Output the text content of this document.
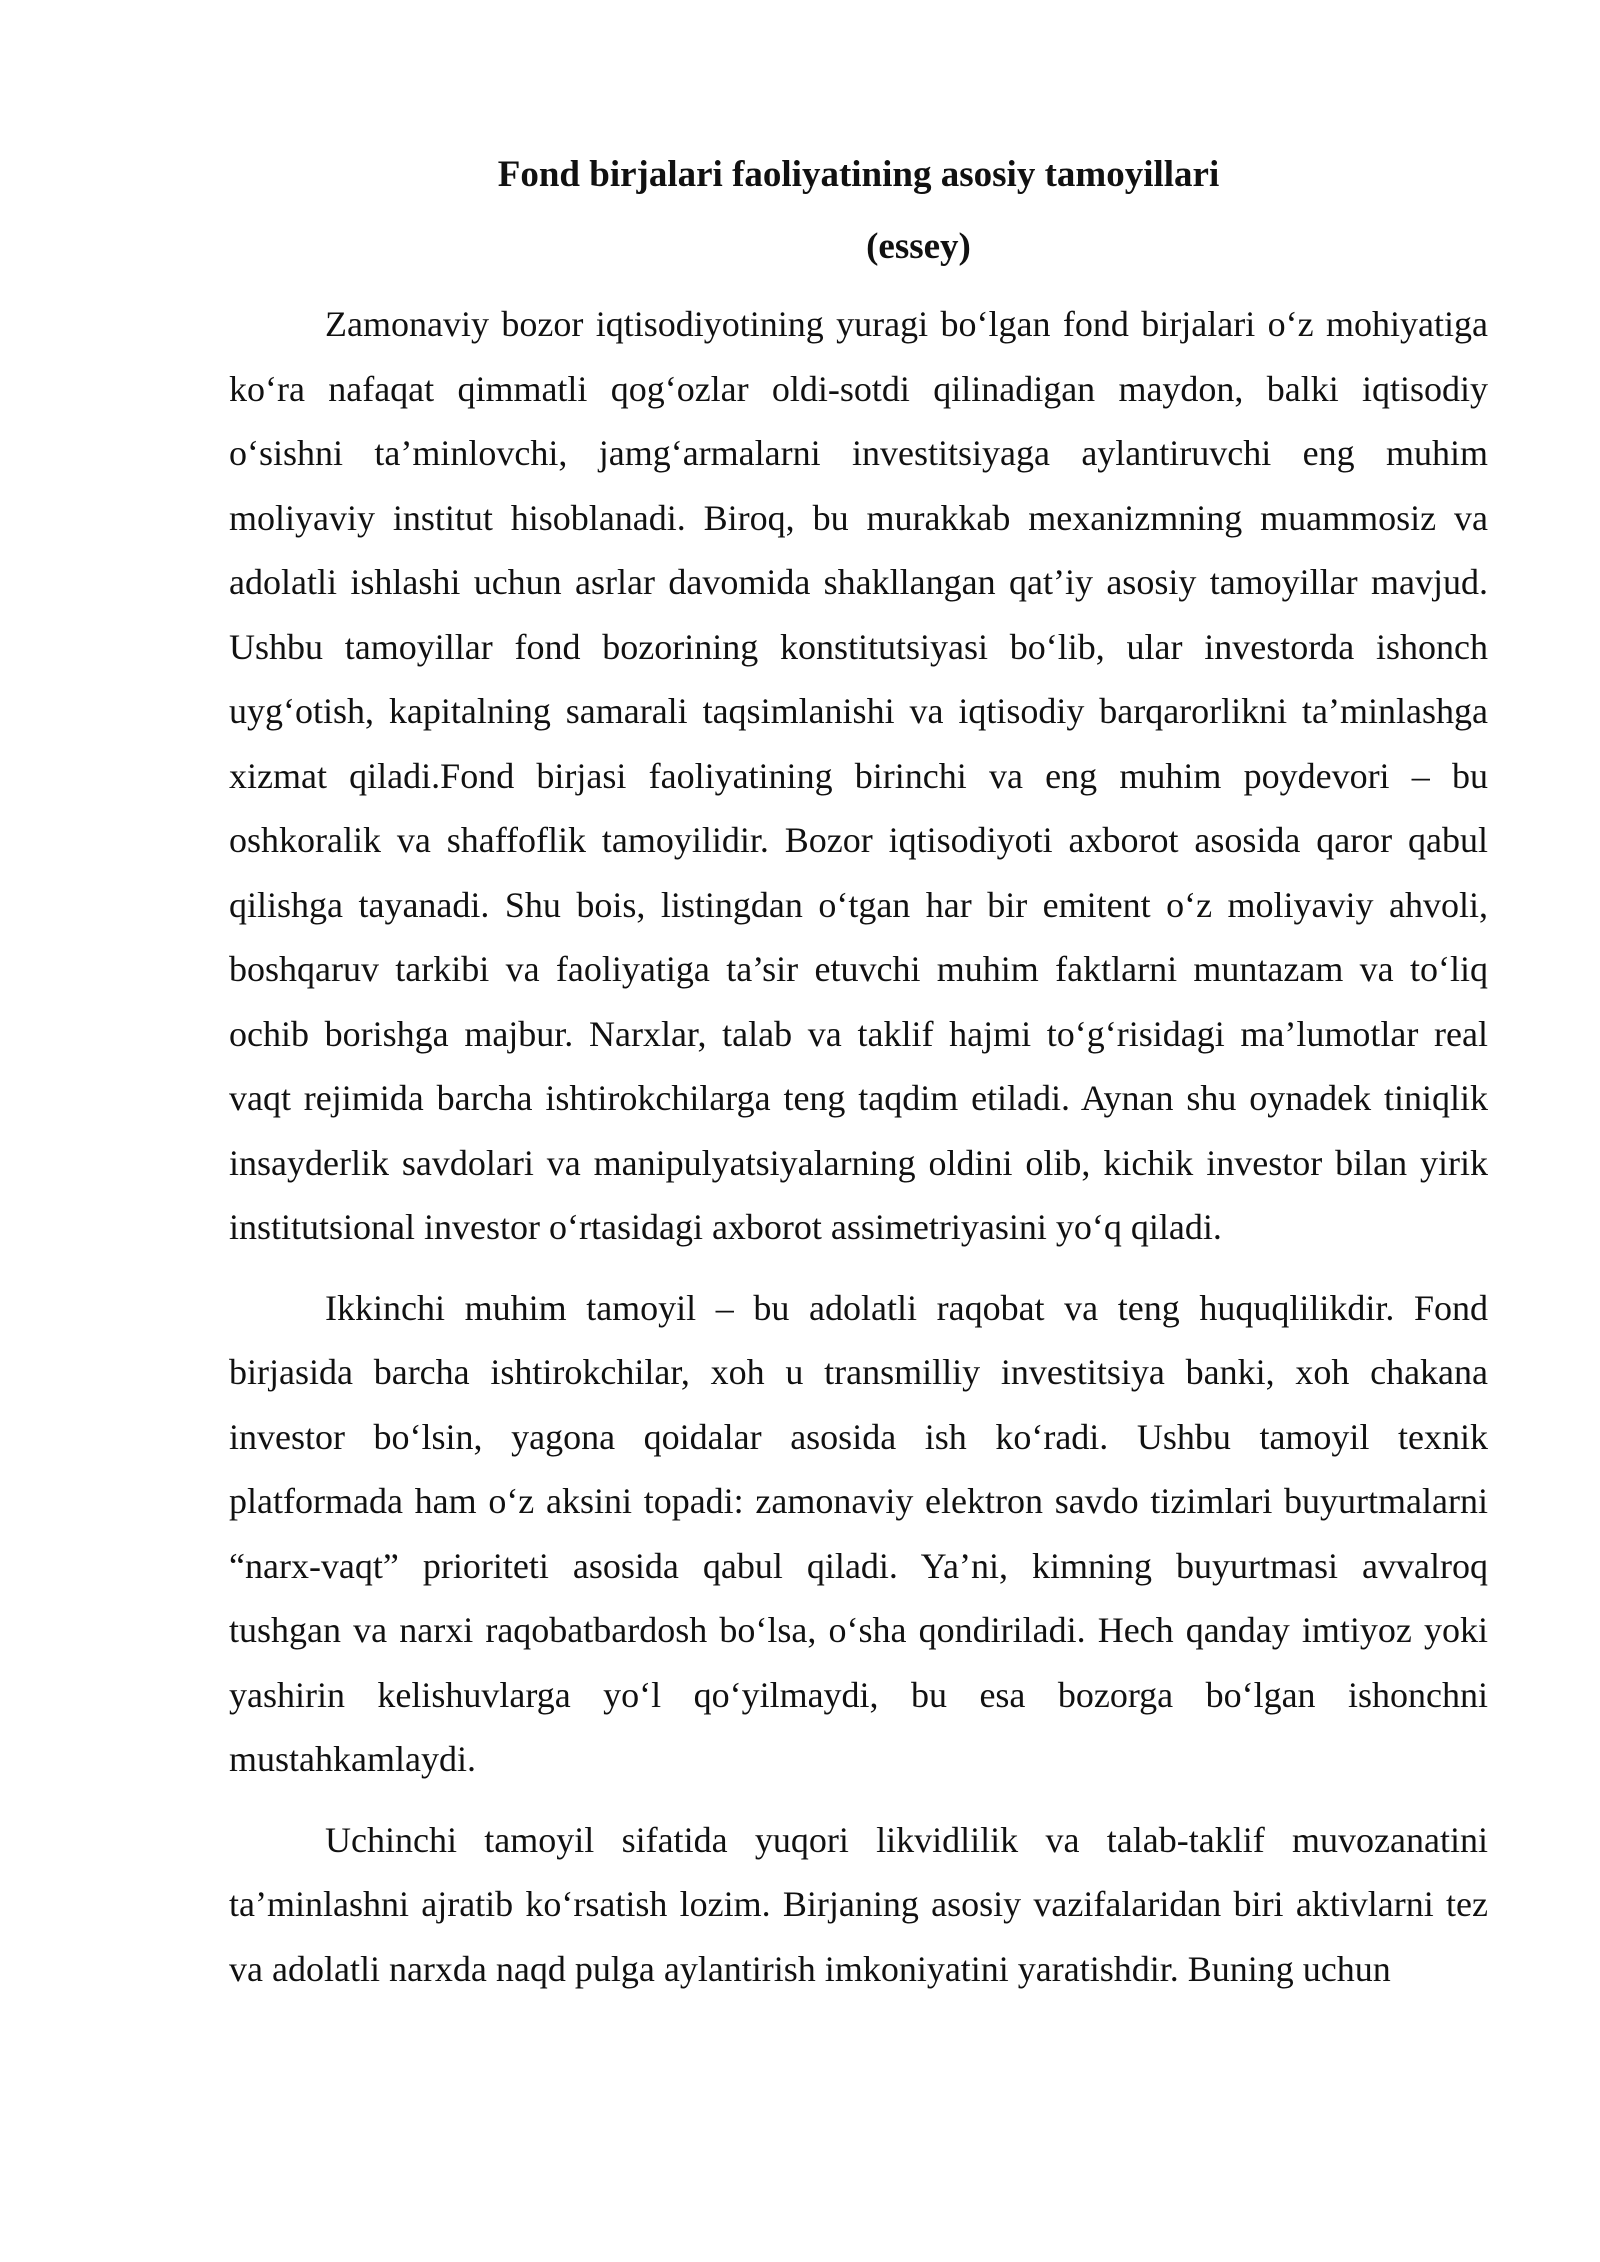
Fond birjalari faoliyatining asosiy tamoyillari

(essey)

Zamonaviy bozor iqtisodiyotining yuragi bo‘lgan fond birjalari o‘z mohiyatiga ko‘ra nafaqat qimmatli qog‘ozlar oldi-sotdi qilinadigan maydon, balki iqtisodiy o‘sishni ta’minlovchi, jamg‘armalarni investitsiyaga aylantiruvchi eng muhim moliyaviy institut hisoblanadi. Biroq, bu murakkab mexanizmning muammosiz va adolatli ishlashi uchun asrlar davomida shakllangan qat’iy asosiy tamoyillar mavjud. Ushbu tamoyillar fond bozorining konstitutsiyasi bo‘lib, ular investorda ishonch uyg‘otish, kapitalning samarali taqsimlanishi va iqtisodiy barqarorlikni ta’minlashga xizmat qiladi.Fond birjasi faoliyatining birinchi va eng muhim poydevori – bu oshkoralik va shaffoflik tamoyilidir. Bozor iqtisodiyoti axborot asosida qaror qabul qilishga tayanadi. Shu bois, listingdan o‘tgan har bir emitent o‘z moliyaviy ahvoli, boshqaruv tarkibi va faoliyatiga ta’sir etuvchi muhim faktlarni muntazam va to‘liq ochib borishga majbur. Narxlar, talab va taklif hajmi to‘g‘risidagi ma’lumotlar real vaqt rejimida barcha ishtirokchilarga teng taqdim etiladi. Aynan shu oynadek tiniqlik insayderlik savdolari va manipulyatsiyalarning oldini olib, kichik investor bilan yirik institutsional investor o‘rtasidagi axborot assimetriyasini yo‘q qiladi.

Ikkinchi muhim tamoyil – bu adolatli raqobat va teng huquqlilikdir. Fond birjasida barcha ishtirokchilar, xoh u transmilliy investitsiya banki, xoh chakana investor bo‘lsin, yagona qoidalar asosida ish ko‘radi. Ushbu tamoyil texnik platformada ham o‘z aksini topadi: zamonaviy elektron savdo tizimlari buyurtmalarni “narx-vaqt” prioriteti asosida qabul qiladi. Ya’ni, kimning buyurtmasi avvalroq tushgan va narxi raqobatbardosh bo‘lsa, o‘sha qondiriladi. Hech qanday imtiyoz yoki yashirin kelishuvlarga yo‘l qo‘yilmaydi, bu esa bozorga bo‘lgan ishonchni mustahkamlaydi.

Uchinchi tamoyil sifatida yuqori likvidlilik va talab-taklif muvozanatini ta’minlashni ajratib ko‘rsatish lozim. Birjaning asosiy vazifalaridan biri aktivlarni tez va adolatli narxda naqd pulga aylantirish imkoniyatini yaratishdir. Buning uchun
